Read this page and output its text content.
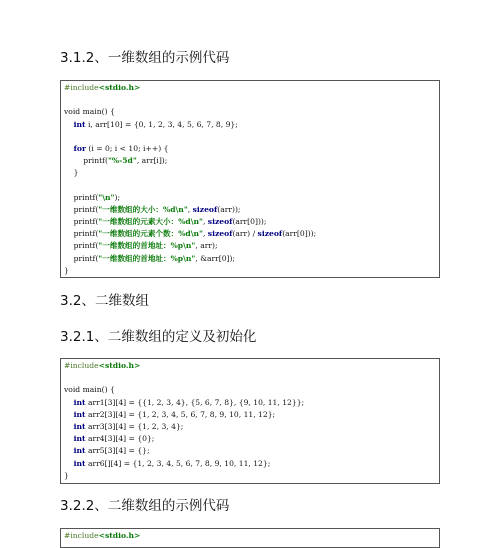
3.1.2、一维数组的示例代码
#include<stdio.h>

void main() {
int i, arr[10] = {0, 1, 2, 3, 4, 5, 6, 7, 8, 9};

for (i = 0; i < 10; i++) {
printf("%-5d", arr[i]);
}

printf("\n");
printf("一维数组的大小：%d\n", sizeof(arr));
printf("一维数组的元素大小：%d\n", sizeof(arr[0]));
printf("一维数组的元素个数：%d\n", sizeof(arr) / sizeof(arr[0]));
printf("一维数组的首地址：%p\n", arr);
printf("一维数组的首地址：%p\n", &arr[0]);
}
3.2、二维数组
3.2.1、二维数组的定义及初始化
#include<stdio.h>

void main() {
int arr1[3][4] = {{1, 2, 3, 4}, {5, 6, 7, 8}, {9, 10, 11, 12}};
int arr2[3][4] = {1, 2, 3, 4, 5, 6, 7, 8, 9, 10, 11, 12};
int arr3[3][4] = {1, 2, 3, 4};
int arr4[3][4] = {0};
int arr5[3][4] = {};
int arr6[][4] = {1, 2, 3, 4, 5, 6, 7, 8, 9, 10, 11, 12};
}
3.2.2、二维数组的示例代码
#include<stdio.h>
